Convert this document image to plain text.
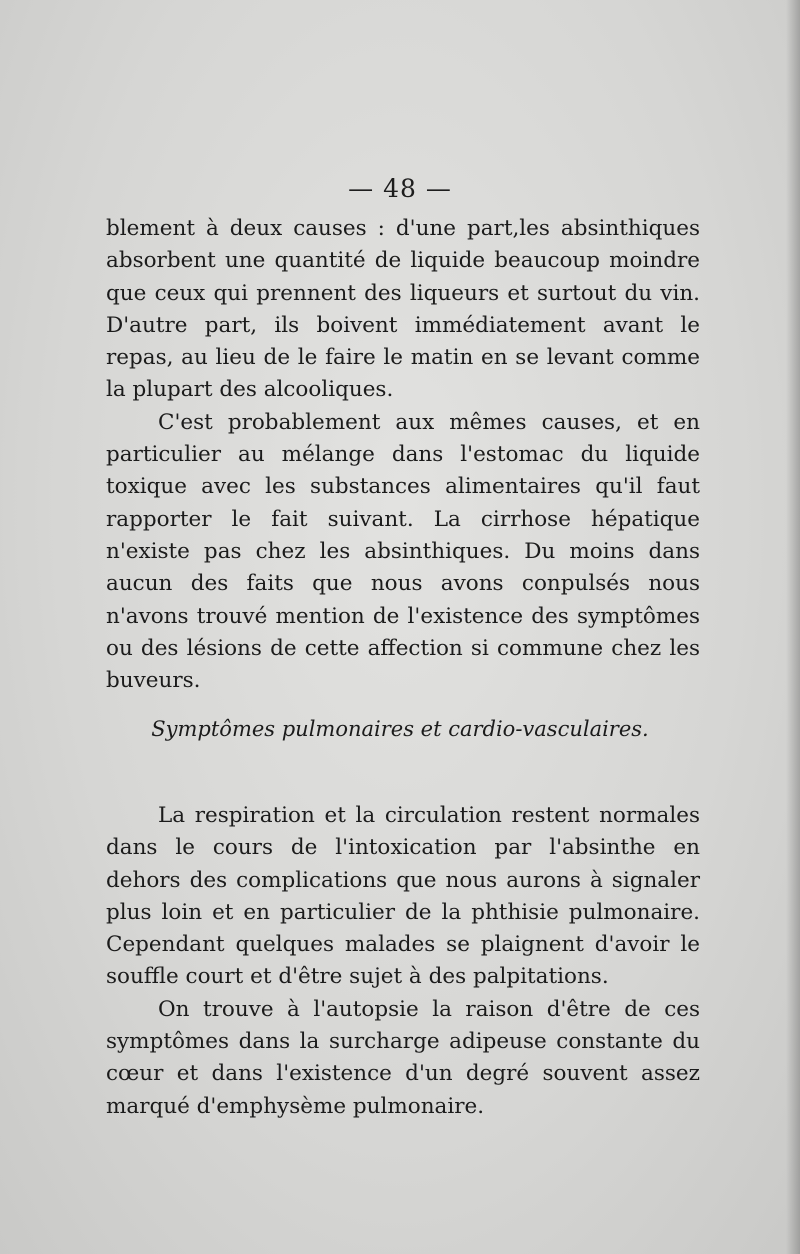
— 48 —

blement à deux causes : d'une part,les absinthiques absorbent une quantité de liquide beaucoup moindre que ceux qui prennent des liqueurs et surtout du vin. D'autre part, ils boivent immédiatement avant le repas, au lieu de le faire le matin en se levant comme la plupart des alcooliques.

C'est probablement aux mêmes causes, et en particulier au mélange dans l'estomac du liquide toxique avec les substances alimentaires qu'il faut rapporter le fait suivant. La cirrhose hépatique n'existe pas chez les absinthiques. Du moins dans aucun des faits que nous avons conpulsés nous n'avons trouvé mention de l'existence des symptômes ou des lésions de cette affection si commune chez les buveurs.

Symptômes pulmonaires et cardio-vasculaires.

La respiration et la circulation restent normales dans le cours de l'intoxication par l'absinthe en dehors des complications que nous aurons à signaler plus loin et en particulier de la phthisie pulmonaire. Cependant quelques malades se plaignent d'avoir le souffle court et d'être sujet à des palpitations.

On trouve à l'autopsie la raison d'être de ces symptômes dans la surcharge adipeuse constante du cœur et dans l'existence d'un degré souvent assez marqué d'emphysème pulmonaire.
